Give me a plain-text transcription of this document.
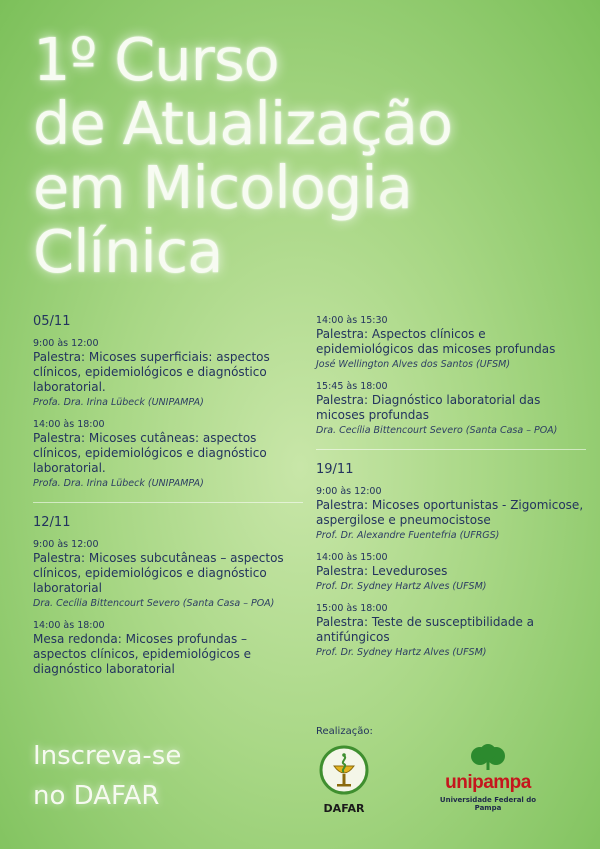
1º Curso
de Atualização
em Micologia
Clínica
05/11

9:00 às 12:00

Palestra: Micoses superficiais: aspectos clínicos, epidemiológicos e diagnóstico laboratorial.

Profa. Dra. Irina Lübeck (UNIPAMPA)

14:00 às 18:00

Palestra: Micoses cutâneas: aspectos clínicos, epidemiológicos e diagnóstico laboratorial.

Profa. Dra. Irina Lübeck (UNIPAMPA)

12/11

9:00 às 12:00

Palestra: Micoses subcutâneas – aspectos clínicos, epidemiológicos e diagnóstico laboratorial

Dra. Cecília Bittencourt Severo (Santa Casa – POA)

14:00 às 18:00

Mesa redonda: Micoses profundas – aspectos clínicos, epidemiológicos e diagnóstico laboratorial

14:00 às 15:30

Palestra: Aspectos clínicos e epidemiológicos das micoses profundas

José Wellington Alves dos Santos (UFSM)

15:45 às 18:00

Palestra: Diagnóstico laboratorial das micoses profundas

Dra. Cecília Bittencourt Severo (Santa Casa – POA)

19/11

9:00 às 12:00

Palestra: Micoses oportunistas - Zigomicose, aspergilose e pneumocistose

Prof. Dr. Alexandre Fuentefria (UFRGS)

14:00 às 15:00

Palestra: Leveduroses

Prof. Dr. Sydney Hartz Alves (UFSM)

15:00 às 18:00

Palestra: Teste de susceptibilidade a antifúngicos

Prof. Dr. Sydney Hartz Alves (UFSM)

Inscreva-se
no DAFAR
Realização:
DAFAR
unipampa
Universidade Federal do Pampa
